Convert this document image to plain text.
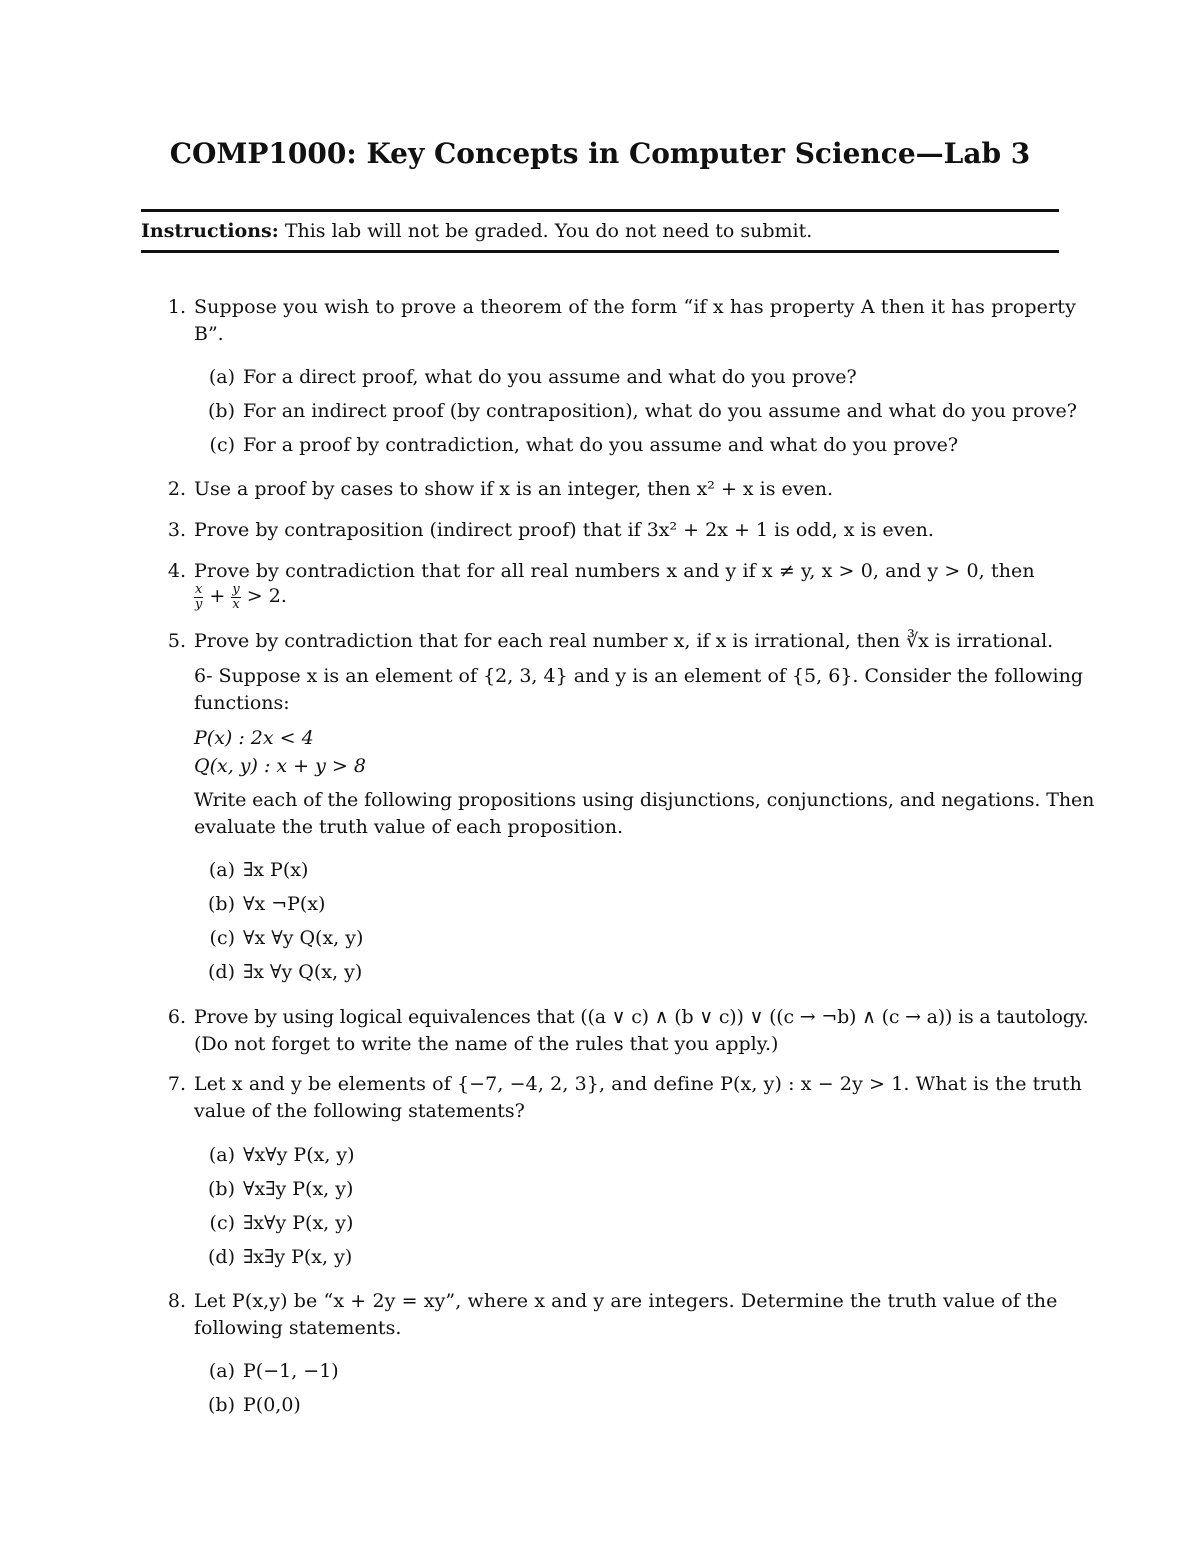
COMP1000: Key Concepts in Computer Science—Lab 3
Instructions: This lab will not be graded. You do not need to submit.
1. Suppose you wish to prove a theorem of the form “if x has property A then it has property
B”.
(a) For a direct proof, what do you assume and what do you prove?
(b) For an indirect proof (by contraposition), what do you assume and what do you prove?
(c) For a proof by contradiction, what do you assume and what do you prove?
2. Use a proof by cases to show if x is an integer, then x² + x is even.
3. Prove by contraposition (indirect proof) that if 3x² + 2x + 1 is odd, x is even.
4. Prove by contradiction that for all real numbers x and y if x ≠ y, x > 0, and y > 0, then
$\frac{x}{y} + \frac{y}{x} > 2$.
5. Prove by contradiction that for each real number x, if x is irrational, then ∛x is irrational.
6- Suppose x is an element of {2, 3, 4} and y is an element of {5, 6}. Consider the following
functions:
P(x) : 2x < 4
Q(x, y) : x + y > 8
Write each of the following propositions using disjunctions, conjunctions, and negations. Then
evaluate the truth value of each proposition.
(a) ∃x P(x)
(b) ∀x ¬P(x)
(c) ∀x ∀y Q(x, y)
(d) ∃x ∀y Q(x, y)
6. Prove by using logical equivalences that ((a ∨ c) ∧ (b ∨ c)) ∨ ((c → ¬b) ∧ (c → a)) is a tautology.
(Do not forget to write the name of the rules that you apply.)
7. Let x and y be elements of {−7, −4, 2, 3}, and define P(x, y) : x − 2y > 1. What is the truth
value of the following statements?
(a) ∀x∀y P(x, y)
(b) ∀x∃y P(x, y)
(c) ∃x∀y P(x, y)
(d) ∃x∃y P(x, y)
8. Let P(x,y) be “x + 2y = xy”, where x and y are integers. Determine the truth value of the
following statements.
(a) P(−1, −1)
(b) P(0,0)
